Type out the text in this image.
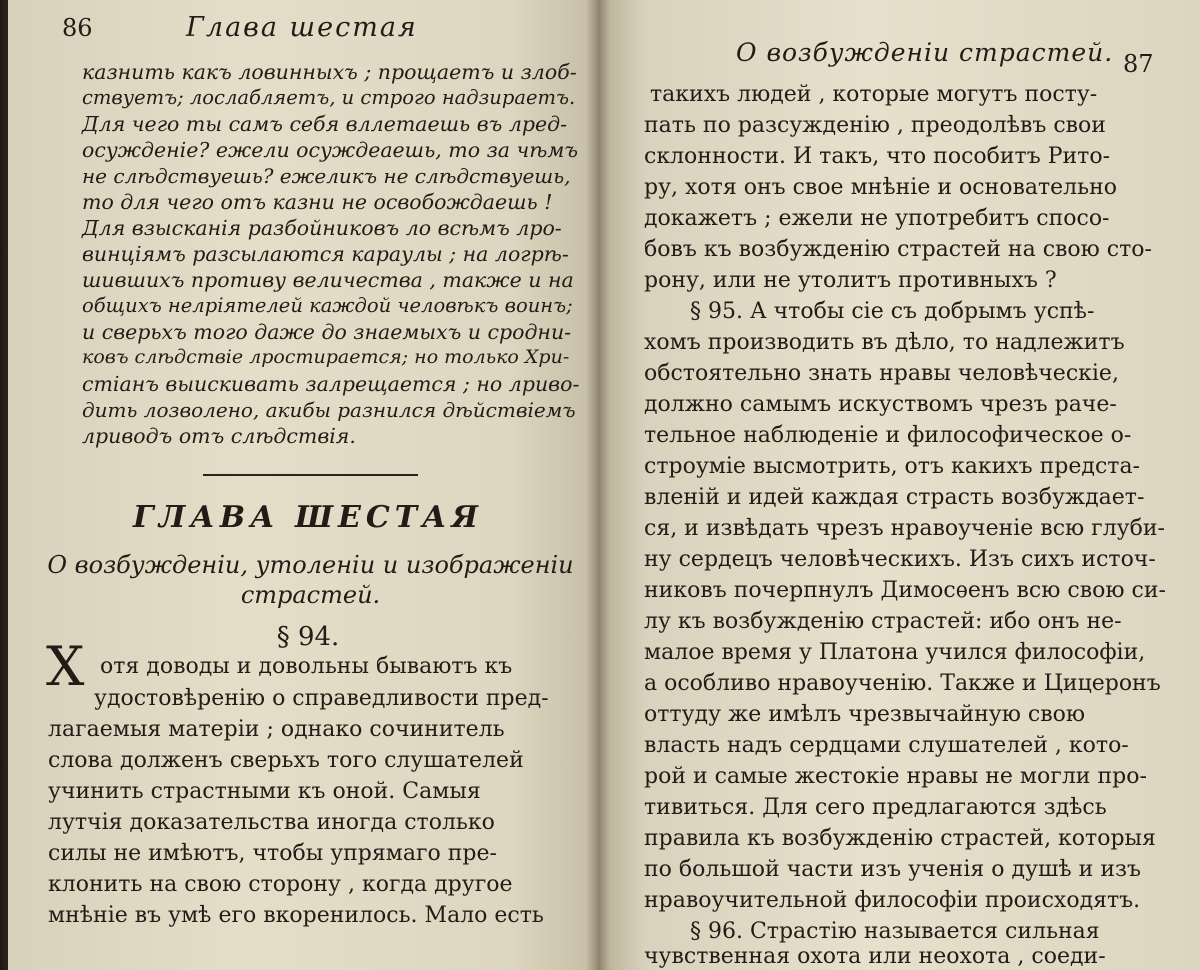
86	Глава шестая
казнить какъ ловинныхъ ; прощаетъ и злоб-
ствуетъ; лослабляетъ, и строго надзираетъ.
Для чего ты самъ себя вллетаешь въ лред-
осужденіе? ежели осуждеаешь, то за чѣмъ
не слѣдствуешь? ежеликъ не слѣдствуешь,
то для чего отъ казни не освобождаешь !
Для взысканія разбойниковъ ло всѣмъ лро-
винціямъ разсылаются караулы ; на логрѣ-
шившихъ противу величества , также и на
общихъ нелріятелей каждой человѣкъ воинъ;
и сверьхъ того даже до знаемыхъ и сродни-
ковъ слѣдствіе лростирается; но только Хри-
стіанъ выискивать залрещается ; но лриво-
дить лозволено, акибы разнился дѣйствіемъ
лриводъ отъ слѣдствія.
ГЛАВА ШЕСТАЯ
О возбужденіи, утоленіи и изображеніи
страстей.
§ 94.
Х отя доводы и довольны бываютъ къ
удостовѣренію о справедливости пред-
лагаемыя матеріи ; однако сочинитель
слова долженъ сверьхъ того слушателей
учинить страстными къ оной. Самыя
лутчія доказательства иногда столько
силы не имѣютъ, чтобы упрямаго пре-
клонить на свою сторону , когда другое
мнѣніе въ умѣ его вкоренилось. Мало есть
О возбужденіи страстей. 87
такихъ людей , которые могутъ посту-
пать по разсужденію , преодолѣвъ свои
склонности. И такъ, что пособитъ Рито-
ру, хотя онъ свое мнѣніе и основательно
докажетъ ; ежели не употребитъ спосо-
бовъ къ возбужденію страстей на свою сто-
рону, или не утолитъ противныхъ ?
§ 95. А чтобы сіе съ добрымъ успѣ-
хомъ производить въ дѣло, то надлежитъ
обстоятельно знать нравы человѣческіе,
должно самымъ искуствомъ чрезъ раче-
тельное наблюденіе и философическое о-
строуміе высмотрить, отъ какихъ предста-
вленій и идей каждая страсть возбуждает-
ся, и извѣдать чрезъ нравоученіе всю глуби-
ну сердецъ человѣческихъ. Изъ сихъ источ-
никовъ почерпнулъ Димосѳенъ всю свою си-
лу къ возбужденію страстей: ибо онъ не-
малое время у Платона учился философіи,
а особливо нравоученію. Также и Цицеронъ
оттуду же имѣлъ чрезвычайную свою
власть надъ сердцами слушателей , кото-
рой и самые жестокіе нравы не могли про-
тивиться. Для сего предлагаются здѣсь
правила къ возбужденію страстей, которыя
по большой части изъ ученія о душѣ и изъ
нравоучительной философіи происходятъ.
§ 96. Страстію называется сильная
чувственная охота или неохота , соеди-
